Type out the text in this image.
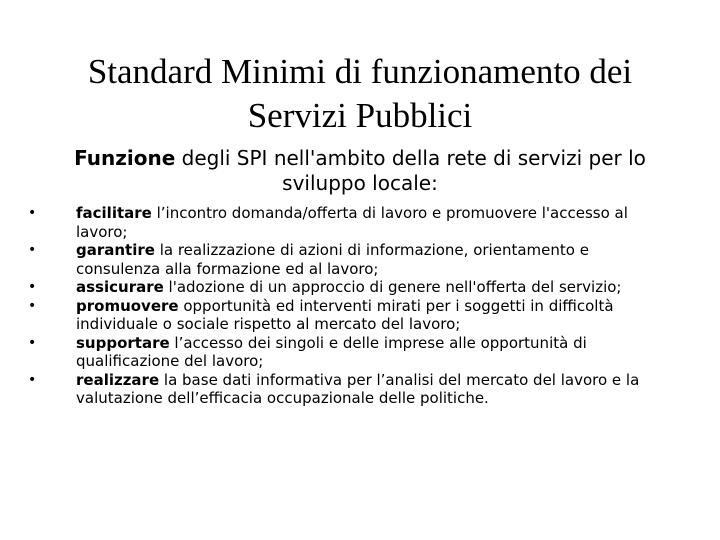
Standard Minimi di funzionamento dei
Servizi Pubblici
Funzione degli SPI nell'ambito della rete di servizi per lo sviluppo locale:
•	facilitare l’incontro domanda/offerta di lavoro e promuovere l'accesso al lavoro;
•	garantire la realizzazione di azioni di informazione, orientamento e consulenza alla formazione ed al lavoro;
•	assicurare l'adozione di un approccio di genere nell'offerta del servizio;
•	promuovere opportunità ed interventi mirati per i soggetti in difficoltà individuale o sociale rispetto al mercato del lavoro;
•	supportare l’accesso dei singoli e delle imprese alle opportunità di qualificazione del lavoro;
•	realizzare la base dati informativa per l’analisi del mercato del lavoro e la valutazione dell’efficacia occupazionale delle politiche.
